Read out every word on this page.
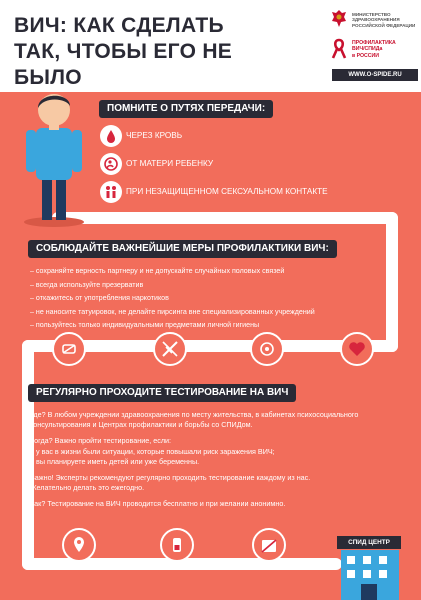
ВИЧ: КАК СДЕЛАТЬ
ТАК, ЧТОБЫ ЕГО НЕ БЫЛО
МИНИСТЕРСТВО
ЗДРАВООХРАНЕНИЯ
РОССИЙСКОЙ ФЕДЕРАЦИИ
ПРОФИЛАКТИКА
ВИЧ/СПИДа
в РОССИИ
WWW.O-SPIDE.RU
ПОМНИТЕ О ПУТЯХ ПЕРЕДАЧИ:
ЧЕРЕЗ КРОВЬ
ОТ МАТЕРИ РЕБЕНКУ
ПРИ НЕЗАЩИЩЕННОМ СЕКСУАЛЬНОМ КОНТАКТЕ
СОБЛЮДАЙТЕ ВАЖНЕЙШИЕ МЕРЫ ПРОФИЛАКТИКИ ВИЧ:
– сохраняйте верность партнеру и не допускайте случайных половых связей
– всегда используйте презерватив
– откажитесь от употребления наркотиков
– не наносите татуировок, не делайте пирсинга вне специализированных учреждений
– пользуйтесь только индивидуальными предметами личной гигиены
РЕГУЛЯРНО ПРОХОДИТЕ ТЕСТИРОВАНИЕ НА ВИЧ

Где? В любом учреждении здравоохранения по месту жительства, в кабинетах психосоциального консультирования и Центрах профилактики и борьбы со СПИДом.

Когда? Важно пройти тестирование, если:
– у вас в жизни были ситуации, которые повышали риск заражения ВИЧ;
– вы планируете иметь детей или уже беременны.

Важно! Эксперты рекомендуют регулярно проходить тестирование каждому из нас.
Желательно делать это ежегодно.

Как? Тестирование на ВИЧ проводится бесплатно и при желании анонимно.

СПИД ЦЕНТР
